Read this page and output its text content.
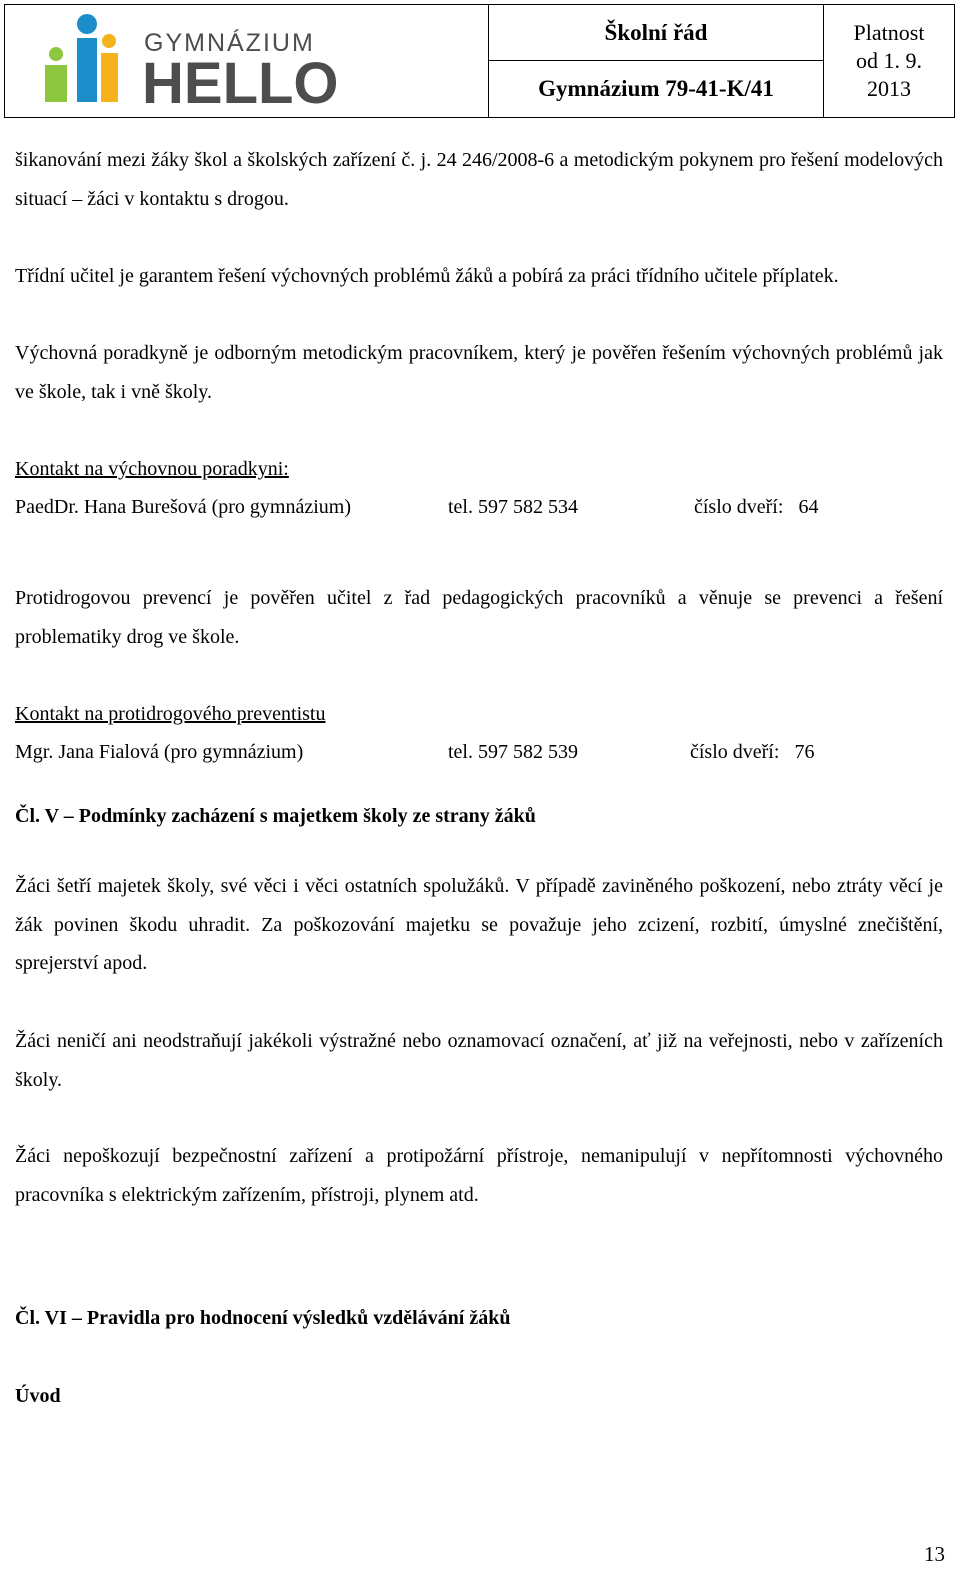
GYMNÁZIUM
HELLO
Školní řád
Gymnázium 79-41-K/41
Platnost
od 1. 9.
2013

šikanování mezi žáky škol a školských zařízení č. j. 24 246/2008-6 a metodickým pokynem pro řešení modelových situací – žáci v kontaktu s drogou.

Třídní učitel je garantem řešení výchovných problémů žáků a pobírá za práci třídního učitele příplatek.

Výchovná poradkyně je odborným metodickým pracovníkem, který je pověřen řešením výchovných problémů jak ve škole, tak i vně školy.

Kontakt na výchovnou poradkyni:

PaedDr. Hana Burešová (pro gymnázium)	tel. 597 582 534	číslo dveří: 64

Protidrogovou prevencí je pověřen učitel z řad pedagogických pracovníků a věnuje se prevenci a řešení problematiky drog ve škole.

Kontakt na protidrogového preventistu

Mgr. Jana Fialová (pro gymnázium)	tel. 597 582 539	číslo dveří: 76

Čl. V – Podmínky zacházení s majetkem školy ze strany žáků

Žáci šetří majetek školy, své věci i věci ostatních spolužáků. V případě zaviněného poškození, nebo ztráty věcí je žák povinen škodu uhradit. Za poškozování majetku se považuje jeho zcizení, rozbití, úmyslné znečištění, sprejerství apod.

Žáci neničí ani neodstraňují jakékoli výstražné nebo oznamovací označení, ať již na veřejnosti, nebo v zařízeních školy.

Žáci nepoškozují bezpečnostní zařízení a protipožární přístroje, nemanipulují v nepřítomnosti výchovného pracovníka s elektrickým zařízením, přístroji, plynem atd.

Čl. VI – Pravidla pro hodnocení výsledků vzdělávání žáků

Úvod

13
